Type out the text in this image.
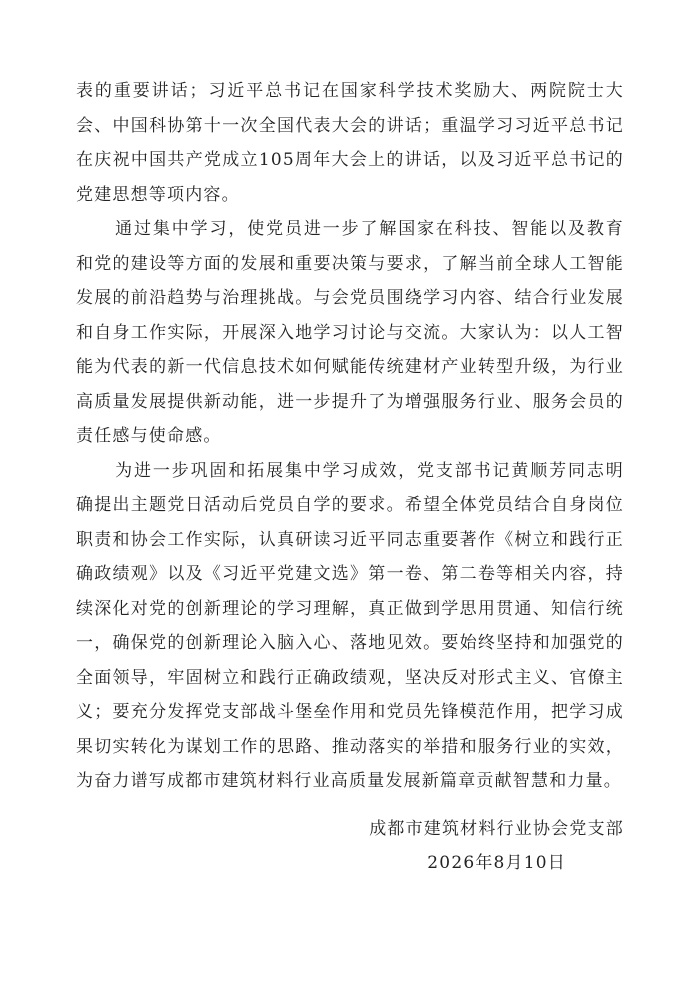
表的重要讲话；习近平总书记在国家科学技术奖励大、两院院士大会、中国科协第十一次全国代表大会的讲话；重温学习习近平总书记在庆祝中国共产党成立105周年大会上的讲话，以及习近平总书记的党建思想等项内容。

通过集中学习，使党员进一步了解国家在科技、智能以及教育和党的建设等方面的发展和重要决策与要求，了解当前全球人工智能发展的前沿趋势与治理挑战。与会党员围绕学习内容、结合行业发展和自身工作实际，开展深入地学习讨论与交流。大家认为：以人工智能为代表的新一代信息技术如何赋能传统建材产业转型升级，为行业高质量发展提供新动能，进一步提升了为增强服务行业、服务会员的责任感与使命感。

为进一步巩固和拓展集中学习成效，党支部书记黄顺芳同志明确提出主题党日活动后党员自学的要求。希望全体党员结合自身岗位职责和协会工作实际，认真研读习近平同志重要著作《树立和践行正确政绩观》以及《习近平党建文选》第一卷、第二卷等相关内容，持续深化对党的创新理论的学习理解，真正做到学思用贯通、知信行统一，确保党的创新理论入脑入心、落地见效。要始终坚持和加强党的全面领导，牢固树立和践行正确政绩观，坚决反对形式主义、官僚主义；要充分发挥党支部战斗堡垒作用和党员先锋模范作用，把学习成果切实转化为谋划工作的思路、推动落实的举措和服务行业的实效，为奋力谱写成都市建筑材料行业高质量发展新篇章贡献智慧和力量。

成都市建筑材料行业协会党支部
2026年8月10日
